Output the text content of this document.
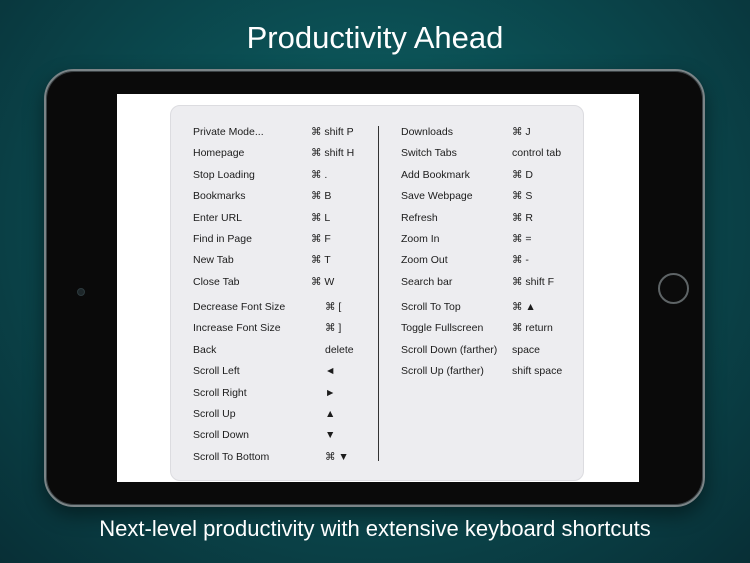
Productivity Ahead
Private Mode...	⌘ shift P
Homepage	⌘ shift H
Stop Loading	⌘ .
Bookmarks	⌘ B
Enter URL	⌘ L
Find in Page	⌘ F
New Tab	⌘ T
Close Tab	⌘ W
Decrease Font Size	⌘ [
Increase Font Size	⌘ ]
Back	delete
Scroll Left	◄
Scroll Right	►
Scroll Up	▲
Scroll Down	▼
Scroll To Bottom	⌘ ▼
Downloads	⌘ J
Switch Tabs	control tab
Add Bookmark	⌘ D
Save Webpage	⌘ S
Refresh	⌘ R
Zoom In	⌘ =
Zoom Out	⌘ -
Search bar	⌘ shift F
Scroll To Top	⌘ ▲
Toggle Fullscreen	⌘ return
Scroll Down (farther) space
Scroll Up (farther)	shift space
Next-level productivity with extensive keyboard shortcuts
